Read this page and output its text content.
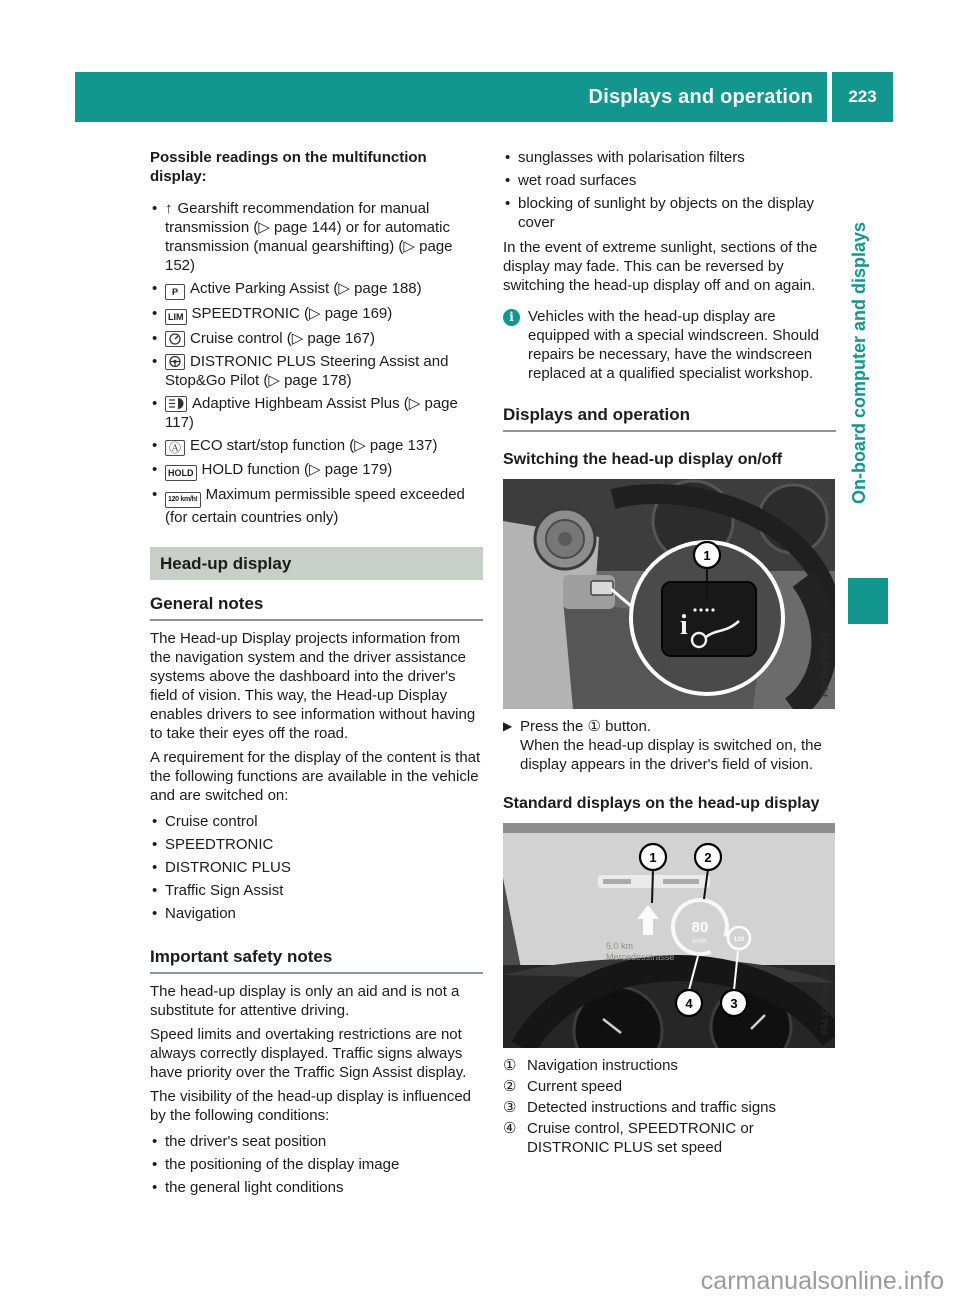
Displays and operation	223
On-board computer and displays

Possible readings on the multifunction display:

• ↑ Gearshift recommendation for manual transmission (▷ page 144) or for automatic transmission (manual gearshifting) (▷ page 152)
• P Active Parking Assist (▷ page 188)
• LIM SPEEDTRONIC (▷ page 169)
• Cruise control (▷ page 167)
• DISTRONIC PLUS Steering Assist and Stop&Go Pilot (▷ page 178)
• Adaptive Highbeam Assist Plus (▷ page 117)
• Ⓐ ECO start/stop function (▷ page 137)
• HOLD HOLD function (▷ page 179)
• 120 km/h! Maximum permissible speed exceeded (for certain countries only)
Head-up display
General notes

The Head-up Display projects information from the navigation system and the driver assistance systems above the dashboard into the driver's field of vision. This way, the Head-up Display enables drivers to see information without having to take their eyes off the road.

A requirement for the display of the content is that the following functions are available in the vehicle and are switched on:

• Cruise control
• SPEEDTRONIC
• DISTRONIC PLUS
• Traffic Sign Assist
• Navigation
Important safety notes

The head-up display is only an aid and is not a substitute for attentive driving.

Speed limits and overtaking restrictions are not always correctly displayed. Traffic signs always have priority over the Traffic Sign Assist display.

The visibility of the head-up display is influenced by the following conditions:

• the driver's seat position
• the positioning of the display image
• the general light conditions
• sunglasses with polarisation filters
• wet road surfaces
• blocking of sunlight by objects on the display cover

In the event of extreme sunlight, sections of the display may fade. This can be reversed by switching the head-up display off and on again.

i Vehicles with the head-up display are equipped with a special windscreen. Should repairs be necessary, have the windscreen replaced at a qualified specialist workshop.
Displays and operation
Switching the head-up display on/off
i
1
P54.26-0355-31
▶ Press the ① button.
When the head-up display is switched on, the display appears in the driver's field of vision.
Standard displays on the head-up display
5.0 km
Mercedesstrasse
80
km/h	120
1	2
4	3	P54.33-4750-31
① Navigation instructions
② Current speed
③ Detected instructions and traffic signs
④ Cruise control, SPEEDTRONIC or DISTRONIC PLUS set speed
carmanualsonline.info
